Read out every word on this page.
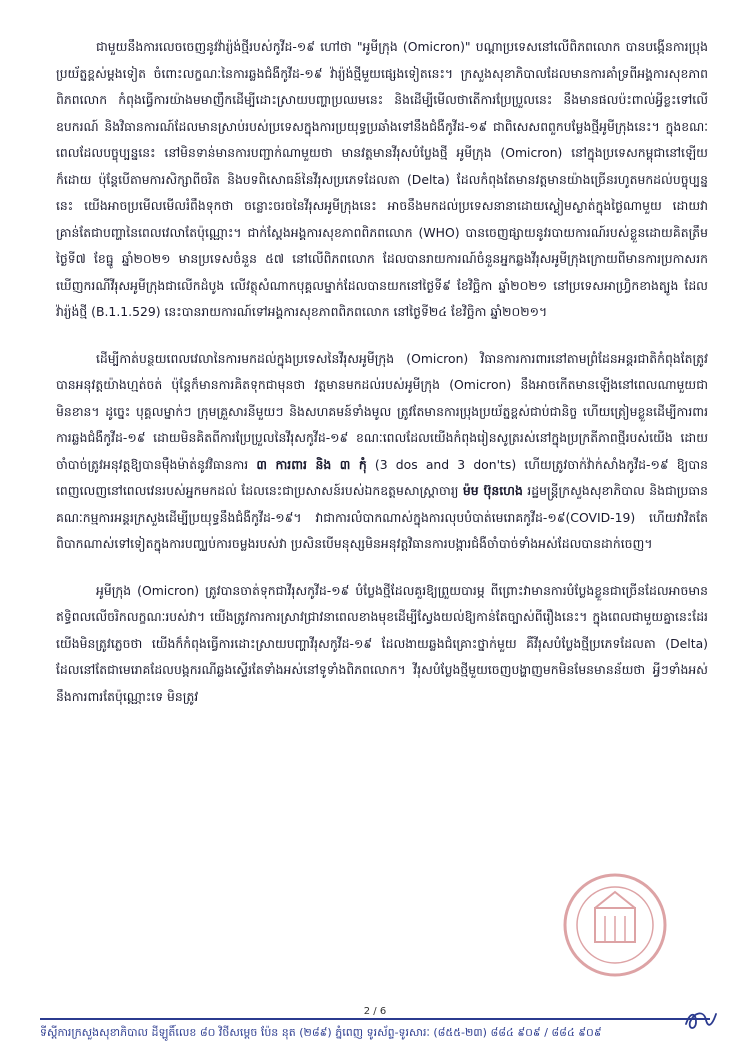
ជាមួយនឹងការលេចចេញនូវវ៉ារ្យ៉ង់ថ្មីរបស់កូវីដ-១៩ ហៅថា "អូមីក្រុង (Omicron)" បណ្ដាប្រទេសនៅលើពិភពលោក បានបង្កើនការប្រុងប្រយ័ត្នខ្ពស់ម្ដងទៀត ចំពោះលក្ខណៈនៃការឆ្លងជំងឺកូវីដ-១៩ វ៉ារ្យ៉ង់ថ្មីមួយផ្សេងទៀតនេះ។ ក្រសួងសុខាភិបាលដែលមានការគាំទ្រពីអង្គការសុខភាពពិភពលោក កំពុងធ្វើការយ៉ាងមមាញឹកដើម្បីដោះស្រាយបញ្ហាប្រឈមនេះ និងដើម្បីមើលថាតើការប្រែប្រួលនេះ នឹងមានផលប៉ះពាល់អ្វីខ្លះទៅលើឧបករណ៍ និងវិធានការណ៍ដែលមានស្រាប់របស់ប្រទេសក្នុងការប្រយុទ្ធប្រឆាំងទៅនឹងជំងឺកូវីដ-១៩ ជាពិសេសពពួកបម្លែងថ្មីអូមីក្រុងនេះ។ ក្នុងខណៈពេលដែលបច្ចុប្បន្ននេះ នៅមិនទាន់មានការបញ្ជាក់ណាមួយថា មានវត្តមានវីរុសបំប្លែងថ្មី អូមីក្រុង (Omicron) នៅក្នុងប្រទេសកម្ពុជានៅឡើយក៏ដោយ ប៉ុន្តែបើតាមការសិក្សាពីចរិត និងបទពិសោធន៍នៃវីរុសប្រភេទដែលតា (Delta) ដែលកំពុងតែមានវត្តមានយ៉ាងច្រើនរហូតមកដល់បច្ចុប្បន្ននេះ យើងអាចប្រមើលមើលរំពឹងទុកថា ចន្លោះចរចនៃវីរុសអូមីក្រុងនេះ អាចនឹងមកដល់ប្រទេសនានាដោយស្ងៀមស្ងាត់ក្នុងថ្ងៃណាមួយ ដោយវាគ្រាន់តែជាបញ្ហានៃពេលវេលាតែប៉ុណ្ណោះ។ ជាក់ស្ដែងអង្គការសុខភាពពិភពលោក (WHO) បានចេញផ្សាយនូវរបាយការណ៍របស់ខ្លួនដោយគិតត្រឹមថ្ងៃទី៧ ខែធ្នូ ឆ្នាំ២០២១ មានប្រទេសចំនួន ៥៧ នៅលើពិភពលោក ដែលបានរាយការណ៍ចំនួនអ្នកឆ្លងវីរុសអូមីក្រុងក្រោយពីមានការប្រកាសរកឃើញករណីវីរុសអូមីក្រុងជាលើកដំបូង លើវត្ថុសំណាកបុគ្គលម្នាក់ដែលបានយកនៅថ្ងៃទី៩ ខែវិច្ឆិកា ឆ្នាំ២០២១ នៅប្រទេសអាហ្វ្រិកខាងត្បូង ដែលវ៉ារ្យ៉ង់ថ្មី (B.1.1.529) នេះបានរាយការណ៍ទៅអង្គការសុខភាពពិភពលោក នៅថ្ងៃទី២៤ ខែវិច្ឆិកា ឆ្នាំ២០២១។

ដើម្បីកាត់បន្ថយពេលវេលានៃការមកដល់ក្នុងប្រទេសនៃវីរុសអូមីក្រុង (Omicron) វិធានការការពារនៅតាមព្រំដែនអន្តរជាតិកំពុងតែត្រូវបានអនុវត្តយ៉ាងហ្មត់ចត់ ប៉ុន្តែក៏មានការគិតទុកជាមុនថា វត្តមានមកដល់របស់អូមីក្រុង (Omicron) នឹងអាចកើតមានឡើងនៅពេលណាមួយជាមិនខាន។ ដូច្នេះ បុគ្គលម្នាក់ៗ ក្រុមគ្រួសារនីមួយៗ និងសហគមន៍ទាំងមូល ត្រូវតែមានការប្រុងប្រយ័ត្នខ្ពស់ជាប់ជានិច្ច ហើយត្រៀមខ្លួនដើម្បីការពារការឆ្លងជំងឺកូវីដ-១៩ ដោយមិនគិតពីការប្រែប្រួលនៃវីរុសកូវីដ-១៩ ខណៈពេលដែលយើងកំពុងរៀនសូត្ររស់នៅក្នុងប្រក្រតីភាពថ្មីរបស់យើង ដោយចាំបាច់ត្រូវអនុវត្តឱ្យបានម៉ឺងម៉ាត់នូវវិធានការ ៣ ការពារ និង ៣ កុំ (3 dos and 3 don'ts) ហើយត្រូវចាក់វ៉ាក់សាំងកូវីដ-១៩ ឱ្យបានពេញលេញនៅពេលវេនរបស់អ្នកមកដល់ ដែលនេះជាប្រសាសន៍របស់ឯកឧត្តមសាស្ត្រាចារ្យ ម៉ម ប៊ុនហេង រដ្ឋមន្ត្រីក្រសួងសុខាភិបាល និងជាប្រធានគណៈកម្មការអន្តរក្រសួងដើម្បីប្រយុទ្ធនឹងជំងឺកូវីដ-១៩។ វាជាការលំបាកណាស់ក្នុងការលុបបំបាត់មេរោគកូវីដ-១៩(COVID-19) ហើយវាវិតតែពិបាកណាស់ទៅទៀតក្នុងការបញ្ឈប់ការចម្លងរបស់វា ប្រសិនបើមនុស្សមិនអនុវត្តវិធានការបង្ការជំងឺចាំបាច់ទាំងអស់ដែលបានដាក់ចេញ។

អូមីក្រុង (Omicron) ត្រូវបានចាត់ទុកជាវីរុសកូវីដ-១៩ បំប្លែងថ្មីដែលគួរឱ្យព្រួយបារម្ភ ពីព្រោះវាមានការបំប្លែងខ្លួនជាច្រើនដែលអាចមានឥទ្ធិពលលើចរិកលក្ខណៈរបស់វា។ យើងត្រូវការការស្រាវជ្រាវនាពេលខាងមុខដើម្បីស្វែងយល់ឱ្យកាន់តែច្បាស់ពីរឿងនេះ។ ក្នុងពេលជាមួយគ្នានេះដែរ យើងមិនត្រូវភ្លេចថា យើងក៏កំពុងធ្វើការដោះស្រាយបញ្ហាវីរុសកូវីដ-១៩ ដែលងាយឆ្លងជំគ្រោះថ្នាក់មួយ គឺវីរុសបំប្លែងថ្មីប្រភេទដែលតា (Delta) ដែលនៅតែជាមេរោគដែលបង្កករណីឆ្លងស្ទើរតែទាំងអស់នៅទូទាំងពិភពលោក។ វីរុសបំប្លែងថ្មីមួយចេញបង្ហាញមកមិនមែនមានន័យថា អ្វីៗទាំងអស់នឹងការពារតែប៉ុណ្ណោះទេ មិនត្រូវ

2 / 6
ទីស្ដីការក្រសួងសុខាភិបាល ដីឡូតិ៍លេខ ៨០ វិថីសម្ដេច ប៉ែន នុត (២៨៩) ភ្នំពេញ ទូរស័ព្ទ-ទូរសារៈ (៨៥៥-២៣) ៨៨៤ ៩០៩ / ៨៨៤ ៩០៩
